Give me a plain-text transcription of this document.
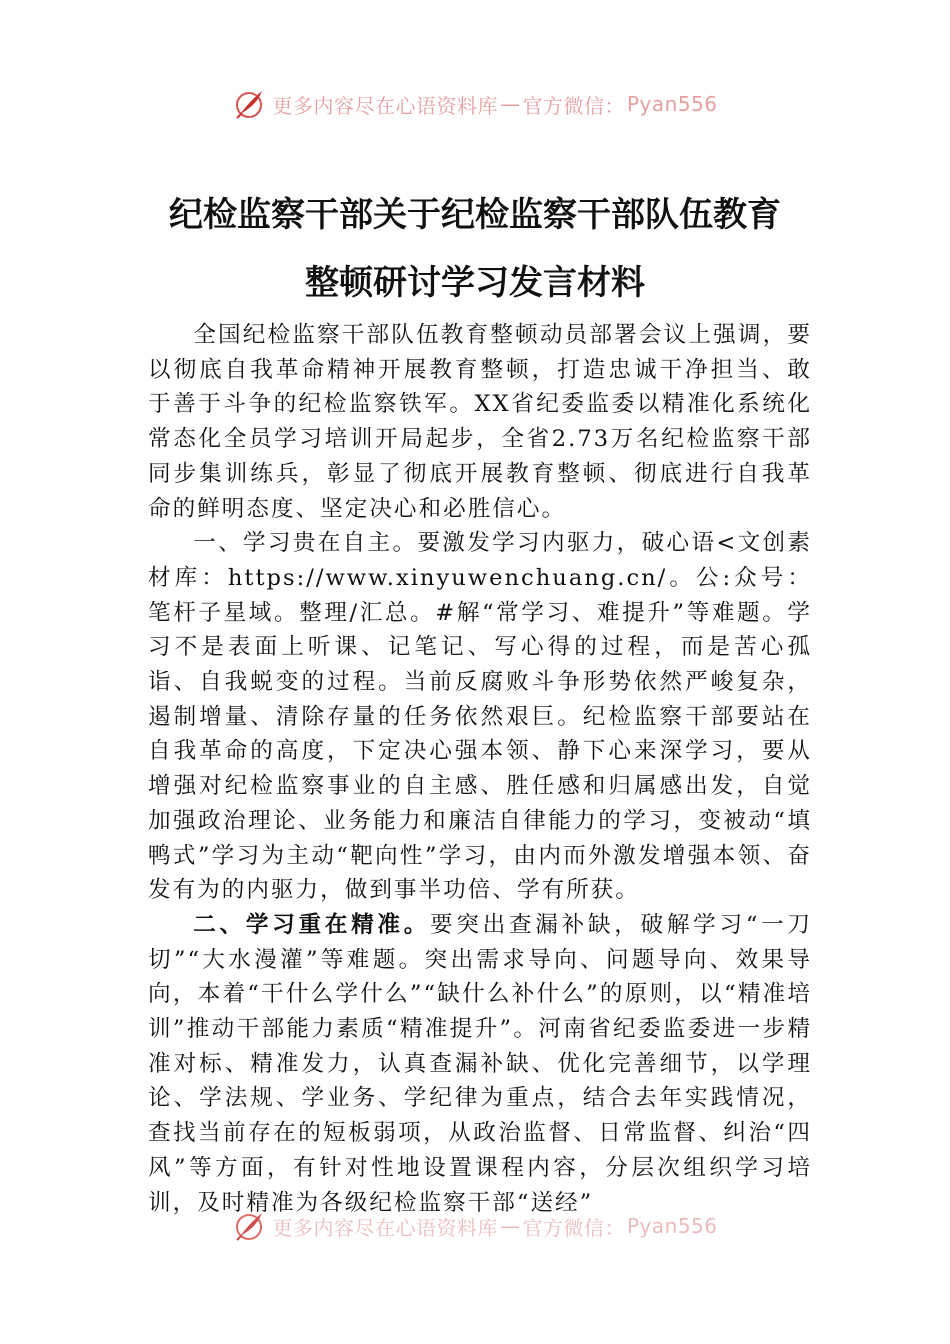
更多内容尽在心语资料库 — 官方微信： Pyan556
纪检监察干部关于纪检监察干部队伍教育
整顿研讨学习发言材料

全国纪检监察干部队伍教育整顿动员部署会议上强调，要以彻底自我革命精神开展教育整顿，打造忠诚干净担当、敢于善于斗争的纪检监察铁军。XX省纪委监委以精准化系统化常态化全员学习培训开局起步，全省2.73万名纪检监察干部同步集训练兵，彰显了彻底开展教育整顿、彻底进行自我革命的鲜明态度、坚定决心和必胜信心。

一、学习贵在自主。要激发学习内驱力，破心语<文创素材库：https://www.xinyuwenchuang.cn/。公:众号：笔杆子星域。整理/汇总。#解“常学习、难提升”等难题。学习不是表面上听课、记笔记、写心得的过程，而是苦心孤诣、自我蜕变的过程。当前反腐败斗争形势依然严峻复杂，遏制增量、清除存量的任务依然艰巨。纪检监察干部要站在自我革命的高度，下定决心强本领、静下心来深学习，要从增强对纪检监察事业的自主感、胜任感和归属感出发，自觉加强政治理论、业务能力和廉洁自律能力的学习，变被动“填鸭式”学习为主动“靶向性”学习，由内而外激发增强本领、奋发有为的内驱力，做到事半功倍、学有所获。

二、学习重在精准。要突出查漏补缺，破解学习“一刀切”“大水漫灌”等难题。突出需求导向、问题导向、效果导向，本着“干什么学什么”“缺什么补什么”的原则，以“精准培训”推动干部能力素质“精准提升”。河南省纪委监委进一步精准对标、精准发力，认真查漏补缺、优化完善细节，以学理论、学法规、学业务、学纪律为重点，结合去年实践情况，查找当前存在的短板弱项，从政治监督、日常监督、纠治“四风”等方面，有针对性地设置课程内容，分层次组织学习培训，及时精准为各级纪检监察干部“送经”

更多内容尽在心语资料库 — 官方微信： Pyan556
